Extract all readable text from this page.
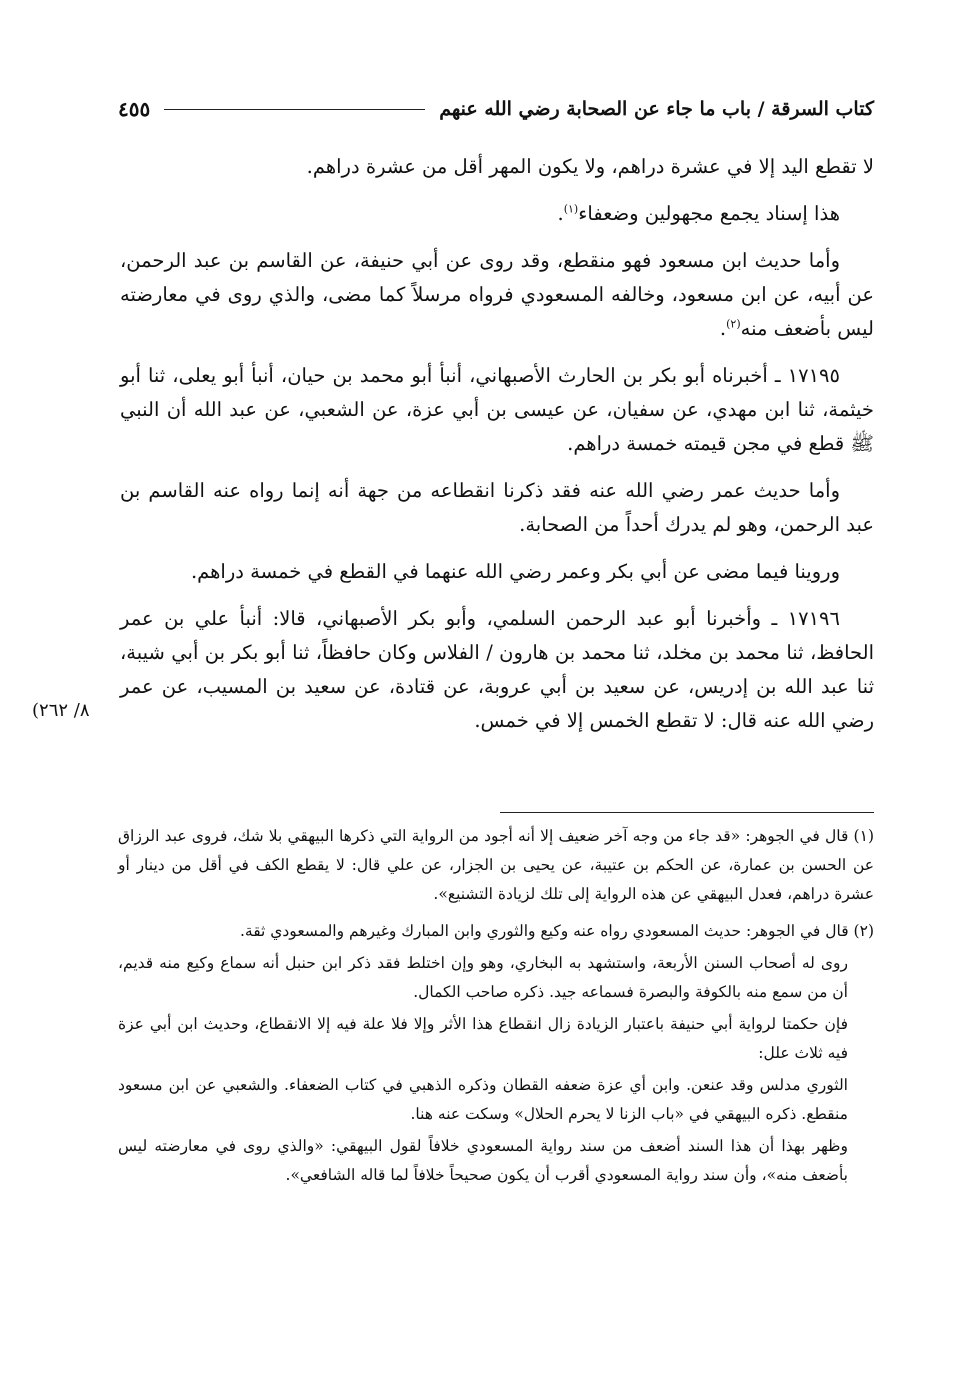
كتاب السرقة / باب ما جاء عن الصحابة رضي الله عنهم
٤٥٥

لا تقطع اليد إلا في عشرة دراهم، ولا يكون المهر أقل من عشرة دراهم.

هذا إسناد يجمع مجهولين وضعفاء$^{(١)}$.

وأما حديث ابن مسعود فهو منقطع، وقد روى عن أبي حنيفة، عن القاسم بن عبد الرحمن، عن أبيه، عن ابن مسعود، وخالفه المسعودي فرواه مرسلاً كما مضى، والذي روى في معارضته ليس بأضعف منه$^{(٢)}$.

١٧١٩٥ ـ أخبرناه أبو بكر بن الحارث الأصبهاني، أنبأ أبو محمد بن حيان، أنبأ أبو يعلى، ثنا أبو خيثمة، ثنا ابن مهدي، عن سفيان، عن عيسى بن أبي عزة، عن الشعبي، عن عبد الله أن النبي ﷺ قطع في مجن قيمته خمسة دراهم.

وأما حديث عمر رضي الله عنه فقد ذكرنا انقطاعه من جهة أنه إنما رواه عنه القاسم بن عبد الرحمن، وهو لم يدرك أحداً من الصحابة.

وروينا فيما مضى عن أبي بكر وعمر رضي الله عنهما في القطع في خمسة دراهم.

١٧١٩٦ ـ وأخبرنا أبو عبد الرحمن السلمي، وأبو بكر الأصبهاني، قالا: أنبأ علي بن عمر الحافظ، ثنا محمد بن مخلد، ثنا محمد بن هارون / الفلاس وكان حافظاً، ثنا أبو بكر بن أبي شيبة، ثنا عبد الله بن إدريس، عن سعيد بن أبي عروبة، عن قتادة، عن سعيد بن المسيب، عن عمر رضي الله عنه قال: لا تقطع الخمس إلا في خمس.

٨/ ٢٦٢)

(١) قال في الجوهر: «قد جاء من وجه آخر ضعيف إلا أنه أجود من الرواية التي ذكرها البيهقي بلا شك، فروى عبد الرزاق عن الحسن بن عمارة، عن الحكم بن عتيبة، عن يحيى بن الجزار، عن علي قال: لا يقطع الكف في أقل من دينار أو عشرة دراهم، فعدل البيهقي عن هذه الرواية إلى تلك لزيادة التشنيع».

(٢) قال في الجوهر: حديث المسعودي رواه عنه وكيع والثوري وابن المبارك وغيرهم والمسعودي ثقة.

روى له أصحاب السنن الأربعة، واستشهد به البخاري، وهو وإن اختلط فقد ذكر ابن حنبل أنه سماع وكيع منه قديم، أن من سمع منه بالكوفة والبصرة فسماعه جيد. ذكره صاحب الكمال.

فإن حكمتا لرواية أبي حنيفة باعتبار الزيادة زال انقطاع هذا الأثر وإلا فلا علة فيه إلا الانقطاع، وحديث ابن أبي عزة فيه ثلاث علل:

الثوري مدلس وقد عنعن. وابن أي عزة ضعفه القطان وذكره الذهبي في كتاب الضعفاء. والشعبي عن ابن مسعود منقطع. ذكره البيهقي في «باب الزنا لا يحرم الحلال» وسكت عنه هنا.

وظهر بهذا أن هذا السند أضعف من سند رواية المسعودي خلافاً لقول البيهقي: «والذي روى في معارضته ليس بأضعف منه»، وأن سند رواية المسعودي أقرب أن يكون صحيحاً خلافاً لما قاله الشافعي».
